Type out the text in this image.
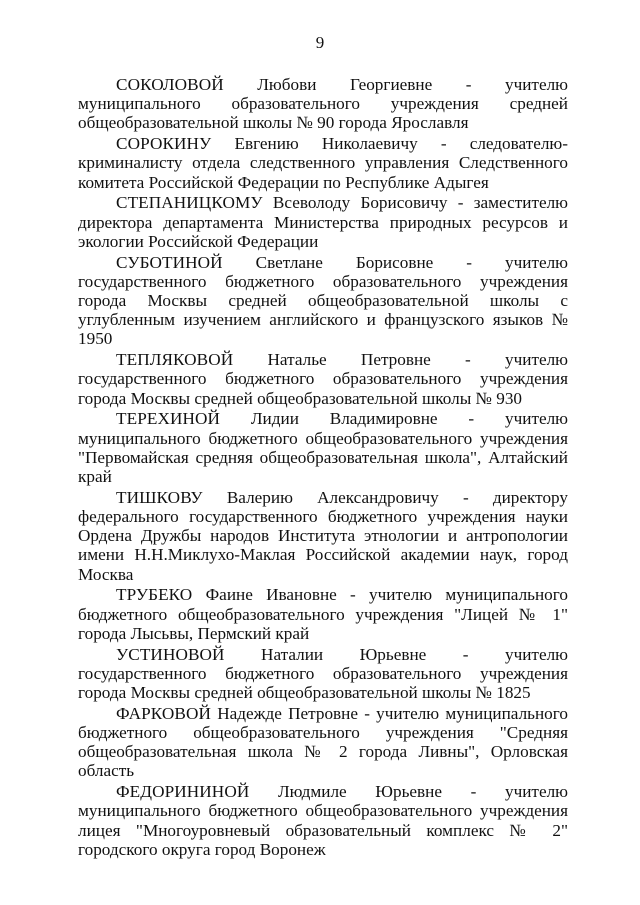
9

СОКОЛОВОЙ Любови Георгиевне - учителю муниципального образовательного учреждения средней общеобразовательной школы № 90 города Ярославля

СОРОКИНУ Евгению Николаевичу - следователю-криминалисту отдела следственного управления Следственного комитета Российской Федерации по Республике Адыгея

СТЕПАНИЦКОМУ Всеволоду Борисовичу - заместителю директора департамента Министерства природных ресурсов и экологии Российской Федерации

СУБОТИНОЙ Светлане Борисовне - учителю государственного бюджетного образовательного учреждения города Москвы средней общеобразовательной школы с углубленным изучением английского и французского языков № 1950

ТЕПЛЯКОВОЙ Наталье Петровне - учителю государственного бюджетного образовательного учреждения города Москвы средней общеобразовательной школы № 930

ТЕРЕХИНОЙ Лидии Владимировне - учителю муниципального бюджетного общеобразовательного учреждения "Первомайская средняя общеобразовательная школа", Алтайский край

ТИШКОВУ Валерию Александровичу - директору федерального государственного бюджетного учреждения науки Ордена Дружбы народов Института этнологии и антропологии имени Н.Н.Миклухо-Маклая Российской академии наук, город Москва

ТРУБЕКО Фаине Ивановне - учителю муниципального бюджетного общеобразовательного учреждения "Лицей № 1" города Лысьвы, Пермский край

УСТИНОВОЙ Наталии Юрьевне - учителю государственного бюджетного образовательного учреждения города Москвы средней общеобразовательной школы № 1825

ФАРКОВОЙ Надежде Петровне - учителю муниципального бюджетного общеобразовательного учреждения "Средняя общеобразовательная школа № 2 города Ливны", Орловская область

ФЕДОРИНИНОЙ Людмиле Юрьевне - учителю муниципального бюджетного общеобразовательного учреждения лицея "Многоуровневый образовательный комплекс № 2" городского округа город Воронеж
